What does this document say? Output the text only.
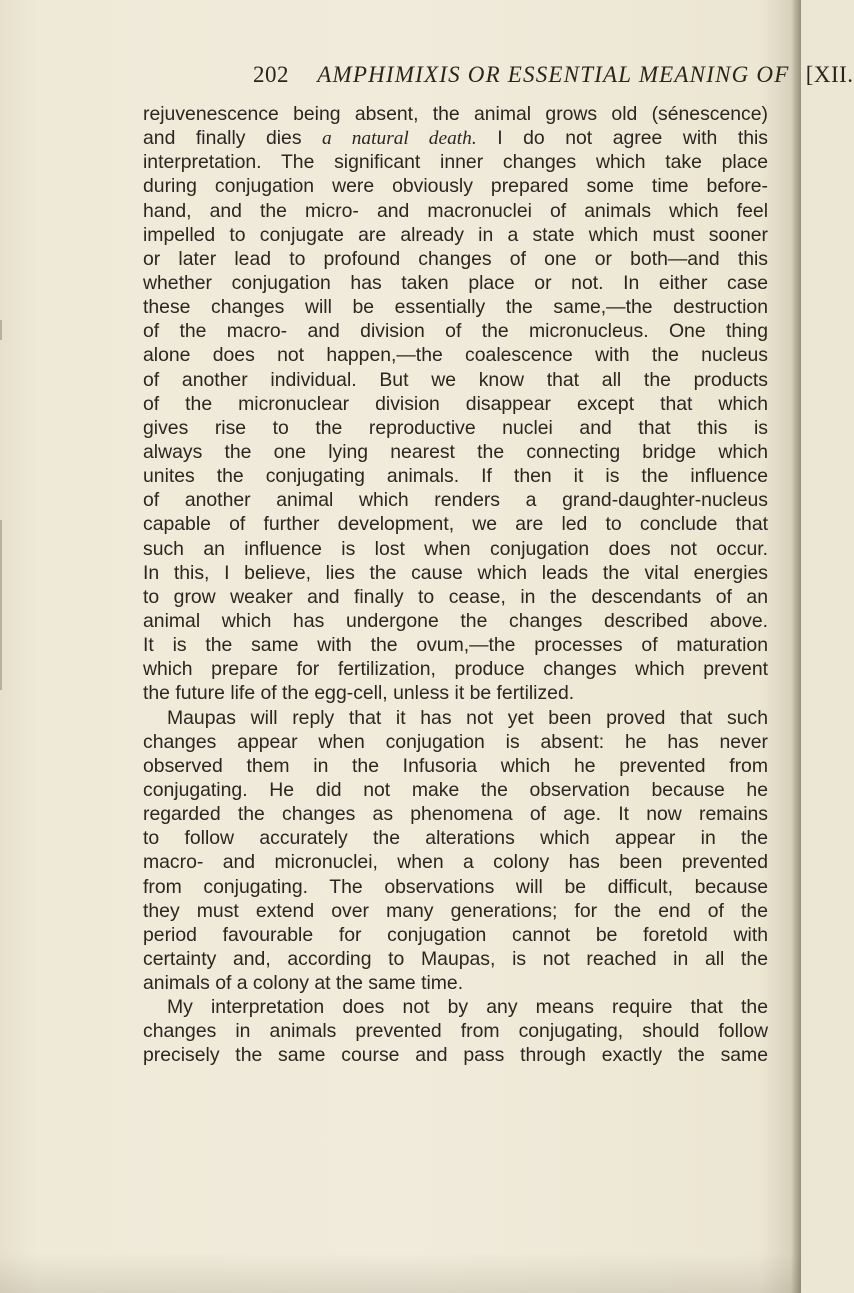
202 AMPHIMIXIS OR ESSENTIAL MEANING OF [XII.
rejuvenescence being absent, the animal grows old (sénescence)
and finally dies a natural death. I do not agree with this
interpretation. The significant inner changes which take place
during conjugation were obviously prepared some time before-
hand, and the micro- and macronuclei of animals which feel
impelled to conjugate are already in a state which must sooner
or later lead to profound changes of one or both—and this
whether conjugation has taken place or not. In either case
these changes will be essentially the same,—the destruction
of the macro- and division of the micronucleus. One thing
alone does not happen,—the coalescence with the nucleus
of another individual. But we know that all the products
of the micronuclear division disappear except that which
gives rise to the reproductive nuclei and that this is
always the one lying nearest the connecting bridge which
unites the conjugating animals. If then it is the influence
of another animal which renders a grand-daughter-nucleus
capable of further development, we are led to conclude that
such an influence is lost when conjugation does not occur.
In this, I believe, lies the cause which leads the vital energies
to grow weaker and finally to cease, in the descendants of an
animal which has undergone the changes described above.
It is the same with the ovum,—the processes of maturation
which prepare for fertilization, produce changes which prevent
the future life of the egg-cell, unless it be fertilized.
Maupas will reply that it has not yet been proved that such
changes appear when conjugation is absent: he has never
observed them in the Infusoria which he prevented from
conjugating. He did not make the observation because he
regarded the changes as phenomena of age. It now remains
to follow accurately the alterations which appear in the
macro- and micronuclei, when a colony has been prevented
from conjugating. The observations will be difficult, because
they must extend over many generations; for the end of the
period favourable for conjugation cannot be foretold with
certainty and, according to Maupas, is not reached in all the
animals of a colony at the same time.
My interpretation does not by any means require that the
changes in animals prevented from conjugating, should follow
precisely the same course and pass through exactly the same
